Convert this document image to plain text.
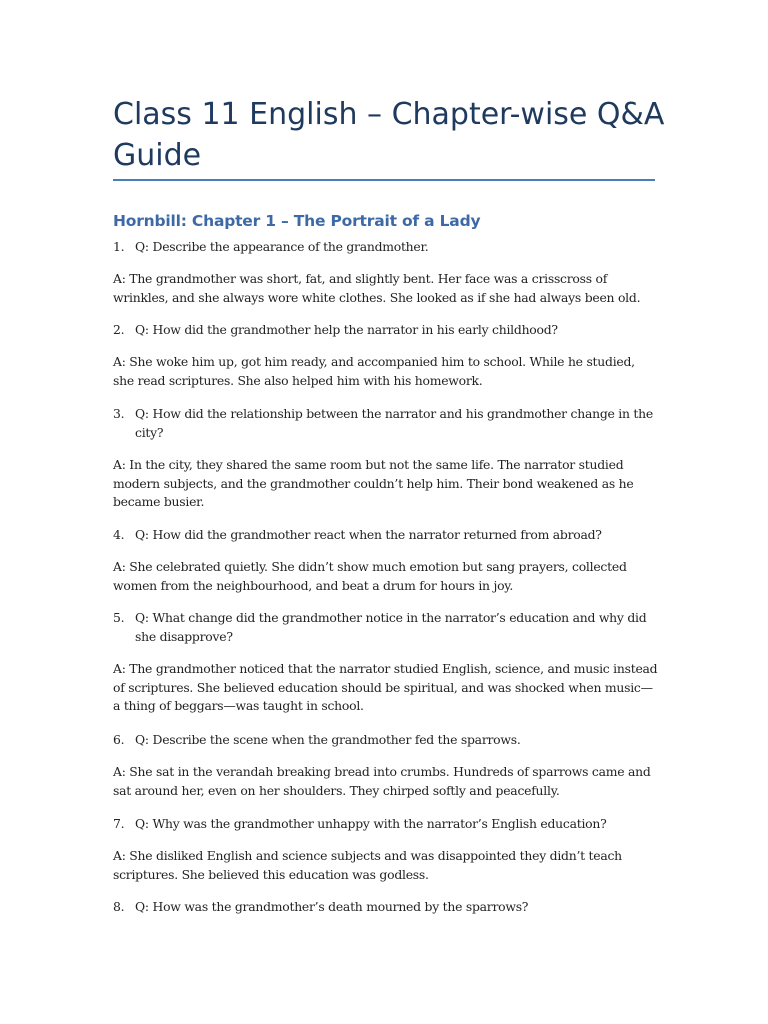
Class 11 English – Chapter-wise Q&A Guide
Hornbill: Chapter 1 – The Portrait of a Lady
1. Q: Describe the appearance of the grandmother.

A: The grandmother was short, fat, and slightly bent. Her face was a crisscross of wrinkles, and she always wore white clothes. She looked as if she had always been old.

2. Q: How did the grandmother help the narrator in his early childhood?

A: She woke him up, got him ready, and accompanied him to school. While he studied, she read scriptures. She also helped him with his homework.

3. Q: How did the relationship between the narrator and his grandmother change in the city?

A: In the city, they shared the same room but not the same life. The narrator studied modern subjects, and the grandmother couldn’t help him. Their bond weakened as he became busier.

4. Q: How did the grandmother react when the narrator returned from abroad?

A: She celebrated quietly. She didn’t show much emotion but sang prayers, collected women from the neighbourhood, and beat a drum for hours in joy.

5. Q: What change did the grandmother notice in the narrator’s education and why did she disapprove?

A: The grandmother noticed that the narrator studied English, science, and music instead of scriptures. She believed education should be spiritual, and was shocked when music—a thing of beggars—was taught in school.

6. Q: Describe the scene when the grandmother fed the sparrows.

A: She sat in the verandah breaking bread into crumbs. Hundreds of sparrows came and sat around her, even on her shoulders. They chirped softly and peacefully.

7. Q: Why was the grandmother unhappy with the narrator’s English education?

A: She disliked English and science subjects and was disappointed they didn’t teach scriptures. She believed this education was godless.

8. Q: How was the grandmother’s death mourned by the sparrows?
